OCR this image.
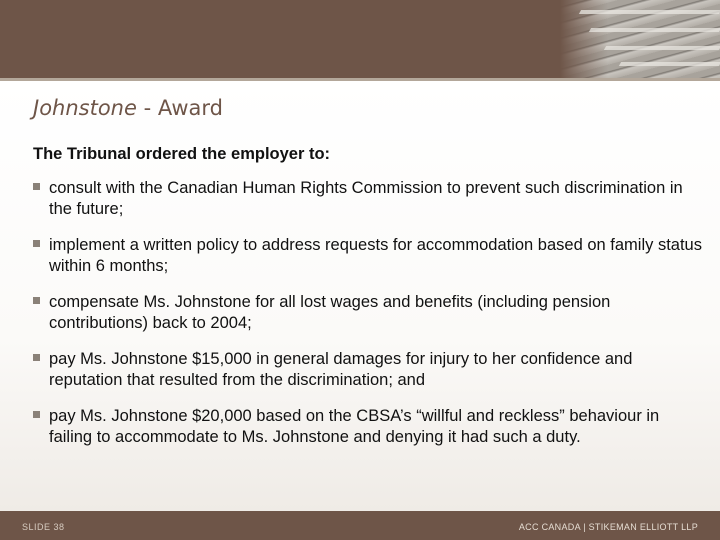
Johnstone - Award

The Tribunal ordered the employer to:

consult with the Canadian Human Rights Commission to prevent such discrimination in the future;
implement a written policy to address requests for accommodation based on family status within 6 months;
compensate Ms. Johnstone for all lost wages and benefits (including pension contributions) back to 2004;
pay Ms. Johnstone $15,000 in general damages for injury to her confidence and reputation that resulted from the discrimination; and
pay Ms. Johnstone $20,000 based on the CBSA’s “willful and reckless” behaviour in failing to accommodate to Ms. Johnstone and denying it had such a duty.
SLIDE 38	ACC CANADA | STIKEMAN ELLIOTT LLP
